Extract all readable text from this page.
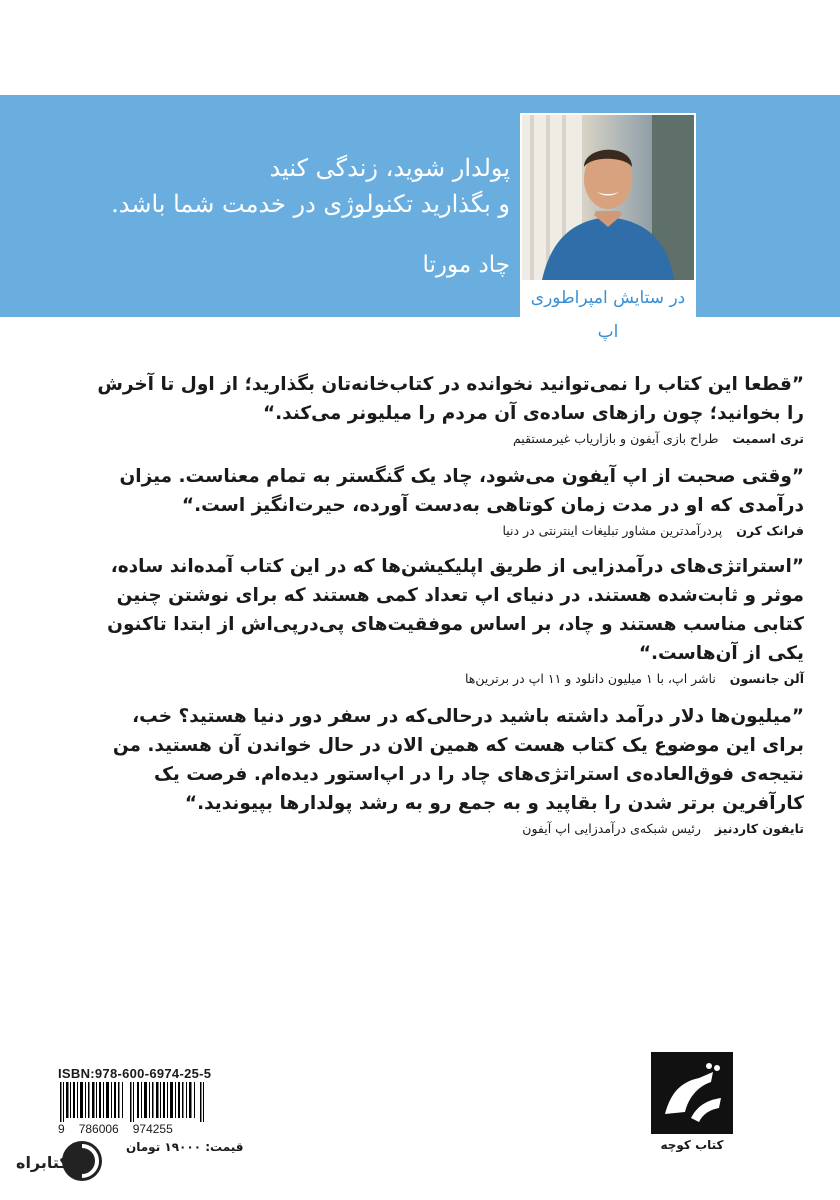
پولدار شوید، زندگی کنید
و بگذارید تکنولوژی در خدمت شما باشد.
چاد مورتا
در ستایش امپراطوری اپ
”قطعا این کتاب را نمی‌توانید نخوانده در کتاب‌خانه‌تان بگذارید؛ از اول تا آخرش
را بخوانید؛ چون رازهای ساده‌ی آن مردم را میلیونر می‌کند.“
تری اسمیت طراح بازی آیفون و بازاریاب غیرمستقیم
”وقتی صحبت از اپ آیفون می‌شود، چاد یک گنگستر به تمام معناست. میزان
درآمدی که او در مدت زمان کوتاهی به‌دست آورده، حیرت‌انگیز است.“
فرانک کرن پردرآمدترین مشاور تبلیغات اینترنتی در دنیا
”استراتژی‌های درآمدزایی از طریق اپلیکیشن‌ها که در این کتاب آمده‌اند ساده،
موثر و ثابت‌شده هستند. در دنیای اپ تعداد کمی هستند که برای نوشتن چنین
کتابی مناسب هستند و چاد، بر اساس موفقیت‌های پی‌درپی‌اش از ابتدا تاکنون
یکی از آن‌هاست.“
آلن جانسون ناشر اپ، با ۱ میلیون دانلود و ۱۱ اپ در برترین‌ها
”میلیون‌ها دلار درآمد داشته باشید درحالی‌که در سفر دور دنیا هستید؟ خب،
برای این موضوع یک کتاب هست که همین الان در حال خواندن آن هستید. من
نتیجه‌ی فوق‌العاده‌ی استراتژی‌های چاد را در اپ‌استور دیده‌ام. فرصت یک
کارآفرین برتر شدن را بقاپید و به جمع رو به رشد پولدارها بپیوندید.“
تایفون کاردنیز رئیس شبکه‌ی درآمدزایی اپ آیفون
ISBN:978-600-6974-25-5
9 786006 974255
قیمت: ۱۹۰۰۰ تومان
کتابراه
کتاب کوچه
